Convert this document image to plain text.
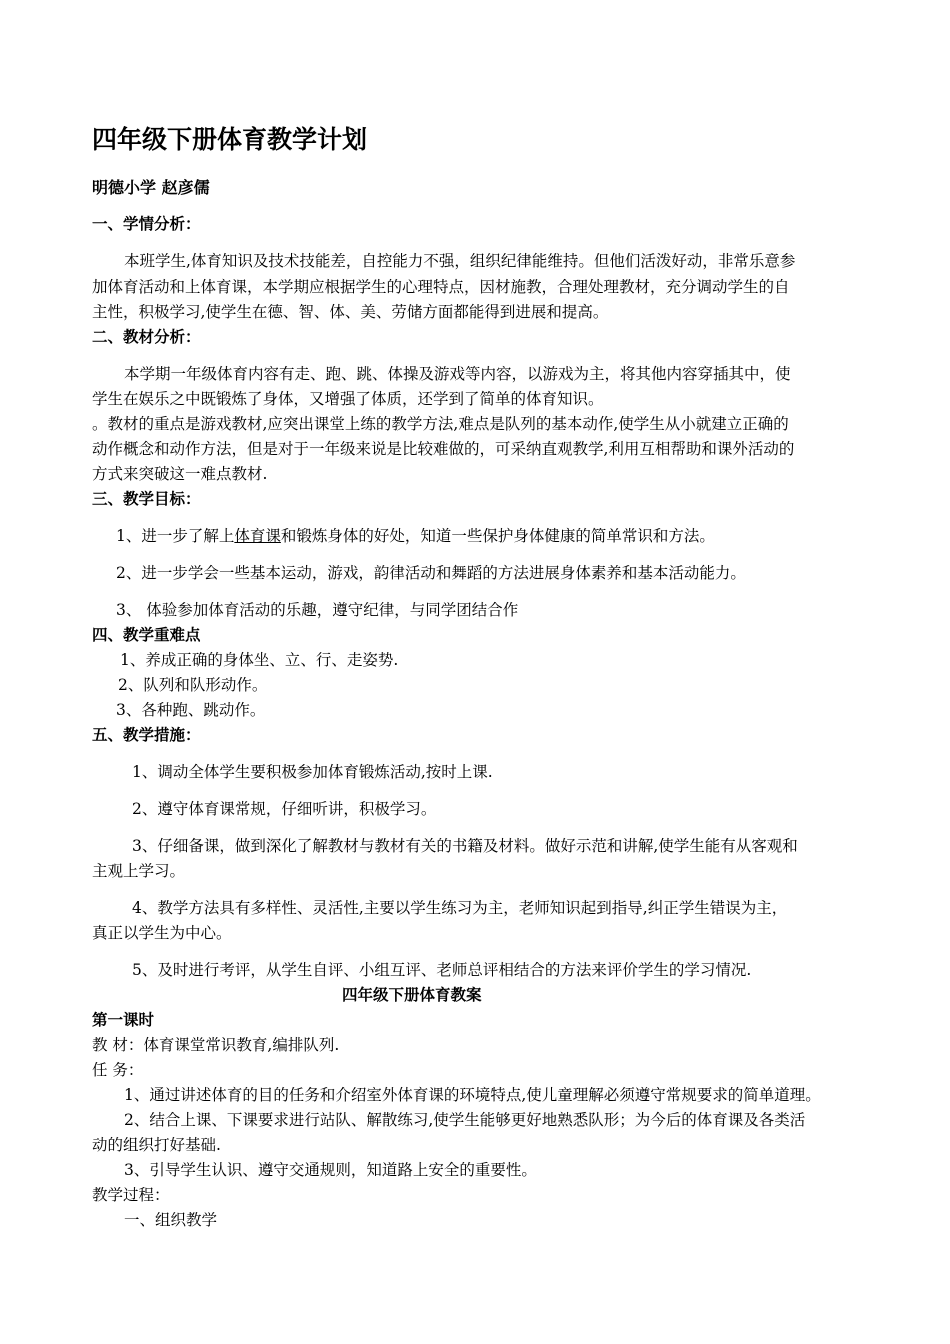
四年级下册体育教学计划
明德小学 赵彦儒
一、学情分析：
本班学生,体育知识及技术技能差，自控能力不强，组织纪律能维持。但他们活泼好动，非常乐意参
加体育活动和上体育课，本学期应根据学生的心理特点，因材施教，合理处理教材，充分调动学生的自
主性，积极学习,使学生在德、智、体、美、劳储方面都能得到进展和提高。
二、教材分析：
本学期一年级体育内容有走、跑、跳、体操及游戏等内容，以游戏为主，将其他内容穿插其中，使
学生在娱乐之中既锻炼了身体，又增强了体质，还学到了简单的体育知识。
。教材的重点是游戏教材,应突出课堂上练的教学方法,难点是队列的基本动作,使学生从小就建立正确的
动作概念和动作方法，但是对于一年级来说是比较难做的，可采纳直观教学,利用互相帮助和课外活动的
方式来突破这一难点教材.
三、教学目标：
1、进一步了解上体育课和锻炼身体的好处，知道一些保护身体健康的简单常识和方法。
2、进一步学会一些基本运动，游戏，韵律活动和舞蹈的方法进展身体素养和基本活动能力。
3、 体验参加体育活动的乐趣，遵守纪律，与同学团结合作
四、教学重难点
1、养成正确的身体坐、立、行、走姿势.
2、队列和队形动作。
3、各种跑、跳动作。
五、教学措施：
1、调动全体学生要积极参加体育锻炼活动,按时上课.
2、遵守体育课常规，仔细听讲，积极学习。
3、仔细备课，做到深化了解教材与教材有关的书籍及材料。做好示范和讲解,使学生能有从客观和
主观上学习。
4、教学方法具有多样性、灵活性,主要以学生练习为主，老师知识起到指导,纠正学生错误为主，
真正以学生为中心。
5、及时进行考评，从学生自评、小组互评、老师总评相结合的方法来评价学生的学习情况.
四年级下册体育教案
第一课时
教 材：体育课堂常识教育,编排队列.
任 务：
1、通过讲述体育的目的任务和介绍室外体育课的环境特点,使儿童理解必须遵守常规要求的简单道理。
2、结合上课、下课要求进行站队、解散练习,使学生能够更好地熟悉队形；为今后的体育课及各类活
动的组织打好基础.
3、引导学生认识、遵守交通规则，知道路上安全的重要性。
教学过程：
一、组织教学
